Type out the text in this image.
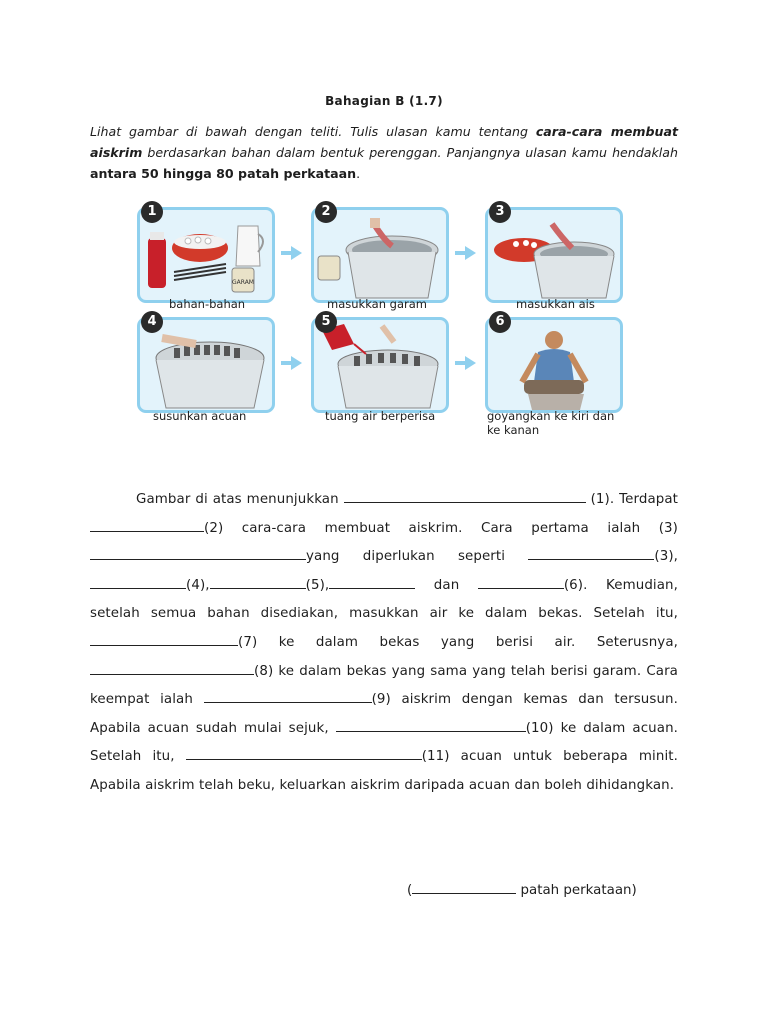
Bahagian B (1.7)
Lihat gambar di bawah dengan teliti. Tulis ulasan kamu tentang cara-cara membuat aiskrim berdasarkan bahan dalam bentuk perenggan. Panjangnya ulasan kamu hendaklah antara 50 hingga 80 patah perkataan.
GARAM
1
bahan-bahan
2
masukkan garam
3
masukkan ais
4
susunkan acuan
5
tuang air berperisa
6
goyangkan ke kiri dan ke kanan
Gambar di atas menunjukkan	(1). Terdapat (2) cara-cara membuat aiskrim. Cara pertama ialah (3)yang diperlukan seperti	(3), (4),	(5),	dan	(6). Kemudian, setelah semua bahan disediakan, masukkan air ke dalam bekas. Setelah itu, (7) ke dalam bekas yang berisi air. Seterusnya, (8) ke dalam bekas yang sama yang telah berisi garam. Cara keempat ialah	(9) aiskrim dengan kemas dan tersusun. Apabila acuan sudah mulai sejuk,	(10) ke dalam acuan. Setelah itu,	(11) acuan untuk beberapa minit. Apabila aiskrim telah beku, keluarkan aiskrim daripada acuan dan boleh dihidangkan.
(	patah perkataan)
